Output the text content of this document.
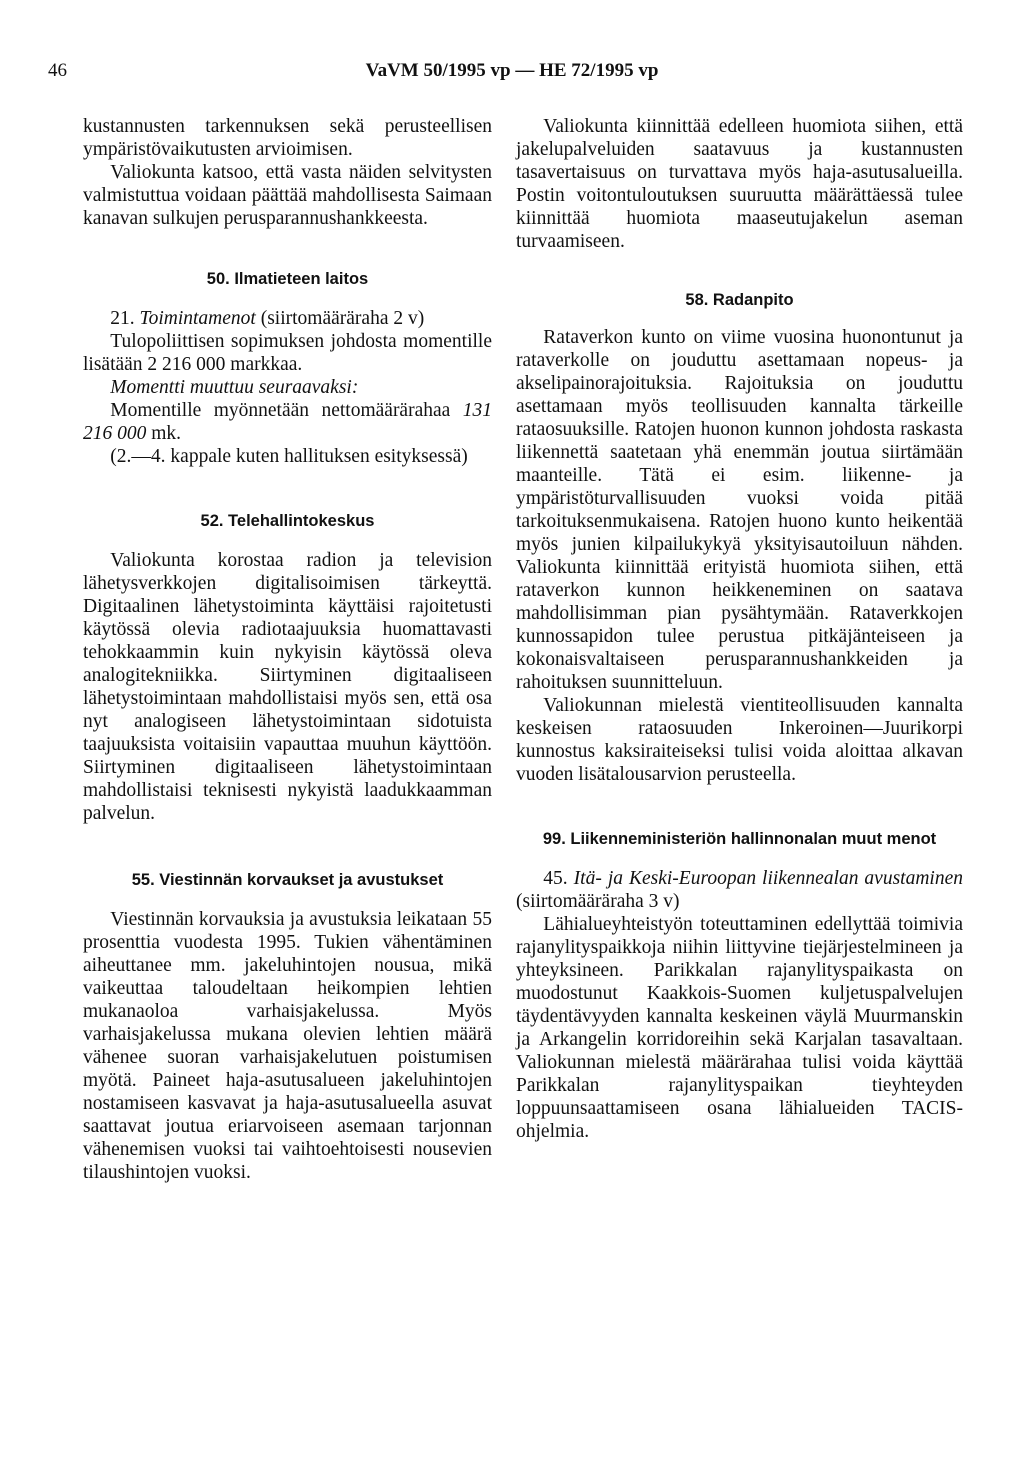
46	VaVM 50/1995 vp — HE 72/1995 vp

kustannusten tarkennuksen sekä perusteellisen ympäristövaikutusten arvioimisen.

Valiokunta katsoo, että vasta näiden selvitysten valmistuttua voidaan päättää mahdollisesta Saimaan kanavan sulkujen perusparannushankkeesta.

50. Ilmatieteen laitos

21. Toimintamenot (siirtomääräraha 2 v)

Tulopoliittisen sopimuksen johdosta momentille lisätään 2 216 000 markkaa.

Momentti muuttuu seuraavaksi:

Momentille myönnetään nettomäärärahaa 131 216 000 mk.

(2.—4. kappale kuten hallituksen esityksessä)

52. Telehallintokeskus

Valiokunta korostaa radion ja television lähetysverkkojen digitalisoimisen tärkeyttä. Digitaalinen lähetystoiminta käyttäisi rajoitetusti käytössä olevia radiotaajuuksia huomattavasti tehokkaammin kuin nykyisin käytössä oleva analogitekniikka. Siirtyminen digitaaliseen lähetystoimintaan mahdollistaisi myös sen, että osa nyt analogiseen lähetystoimintaan sidotuista taajuuksista voitaisiin vapauttaa muuhun käyttöön. Siirtyminen digitaaliseen lähetystoimintaan mahdollistaisi teknisesti nykyistä laadukkaamman palvelun.

55. Viestinnän korvaukset ja avustukset

Viestinnän korvauksia ja avustuksia leikataan 55 prosenttia vuodesta 1995. Tukien vähentäminen aiheuttanee mm. jakeluhintojen nousua, mikä vaikeuttaa taloudeltaan heikompien lehtien mukanaoloa varhaisjakelussa. Myös varhaisjakelussa mukana olevien lehtien määrä vähenee suoran varhaisjakelutuen poistumisen myötä. Paineet haja-asutusalueen jakeluhintojen nostamiseen kasvavat ja haja-asutusalueella asuvat saattavat joutua eriarvoiseen asemaan tarjonnan vähenemisen vuoksi tai vaihtoehtoisesti nousevien tilaushintojen vuoksi.

Valiokunta kiinnittää edelleen huomiota siihen, että jakelupalveluiden saatavuus ja kustannusten tasavertaisuus on turvattava myös haja-asutusalueilla. Postin voitontuloutuksen suuruutta määrättäessä tulee kiinnittää huomiota maaseutujakelun aseman turvaamiseen.

58. Radanpito

Rataverkon kunto on viime vuosina huonontunut ja rataverkolle on jouduttu asettamaan nopeus- ja akselipainorajoituksia. Rajoituksia on jouduttu asettamaan myös teollisuuden kannalta tärkeille rataosuuksille. Ratojen huonon kunnon johdosta raskasta liikennettä saatetaan yhä enemmän joutua siirtämään maanteille. Tätä ei esim. liikenne- ja ympäristöturvallisuuden vuoksi voida pitää tarkoituksenmukaisena. Ratojen huono kunto heikentää myös junien kilpailukykyä yksityisautoiluun nähden. Valiokunta kiinnittää erityistä huomiota siihen, että rataverkon kunnon heikkeneminen on saatava mahdollisimman pian pysähtymään. Rataverkkojen kunnossapidon tulee perustua pitkäjänteiseen ja kokonaisvaltaiseen perusparannushankkeiden ja rahoituksen suunnitteluun.

Valiokunnan mielestä vientiteollisuuden kannalta keskeisen rataosuuden Inkeroinen—Juurikorpi kunnostus kaksiraiteiseksi tulisi voida aloittaa alkavan vuoden lisätalousarvion perusteella.

99. Liikenneministeriön hallinnonalan muut menot

45. Itä- ja Keski-Euroopan liikennealan avustaminen (siirtomääräraha 3 v)

Lähialueyhteistyön toteuttaminen edellyttää toimivia rajanylityspaikkoja niihin liittyvine tiejärjestelmineen ja yhteyksineen. Parikkalan rajanylityspaikasta on muodostunut Kaakkois-Suomen kuljetuspalvelujen täydentävyyden kannalta keskeinen väylä Muurmanskin ja Arkangelin korridoreihin sekä Karjalan tasavaltaan. Valiokunnan mielestä määrärahaa tulisi voida käyttää Parikkalan rajanylityspaikan tieyhteyden loppuunsaattamiseen osana lähialueiden TACIS-ohjelmia.
